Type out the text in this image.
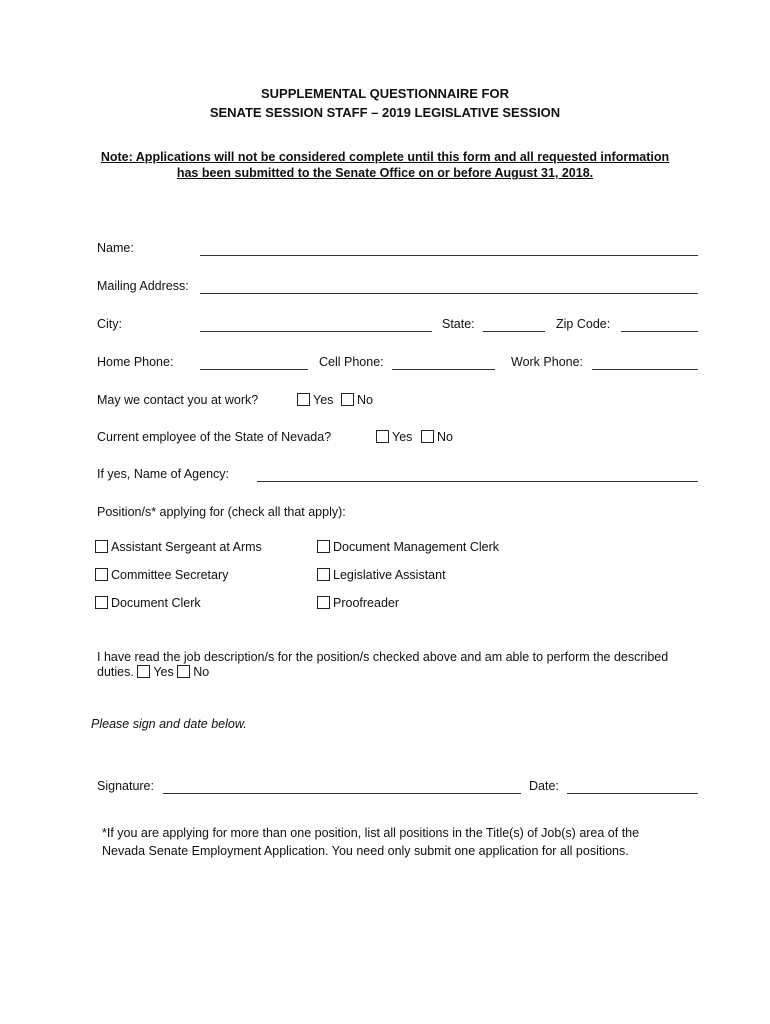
SUPPLEMENTAL QUESTIONNAIRE FOR
SENATE SESSION STAFF – 2019 LEGISLATIVE SESSION
Note: Applications will not be considered complete until this form and all requested information
has been submitted to the Senate Office on or before August 31, 2018.
Name:
Mailing Address:
City:	State:	Zip Code:
Home Phone:	Cell Phone:	Work Phone:
May we contact you at work?	Yes	No
Current employee of the State of Nevada?	Yes	No
If yes, Name of Agency:
Position/s* applying for (check all that apply):
Assistant Sergeant at Arms
Committee Secretary
Document Clerk
Document Management Clerk
Legislative Assistant
Proofreader
I have read the job description/s for the position/s checked above and am able to perform the described
duties. Yes No
Please sign and date below.
Signature:	Date:
*If you are applying for more than one position, list all positions in the Title(s) of Job(s) area of the
Nevada Senate Employment Application. You need only submit one application for all positions.
